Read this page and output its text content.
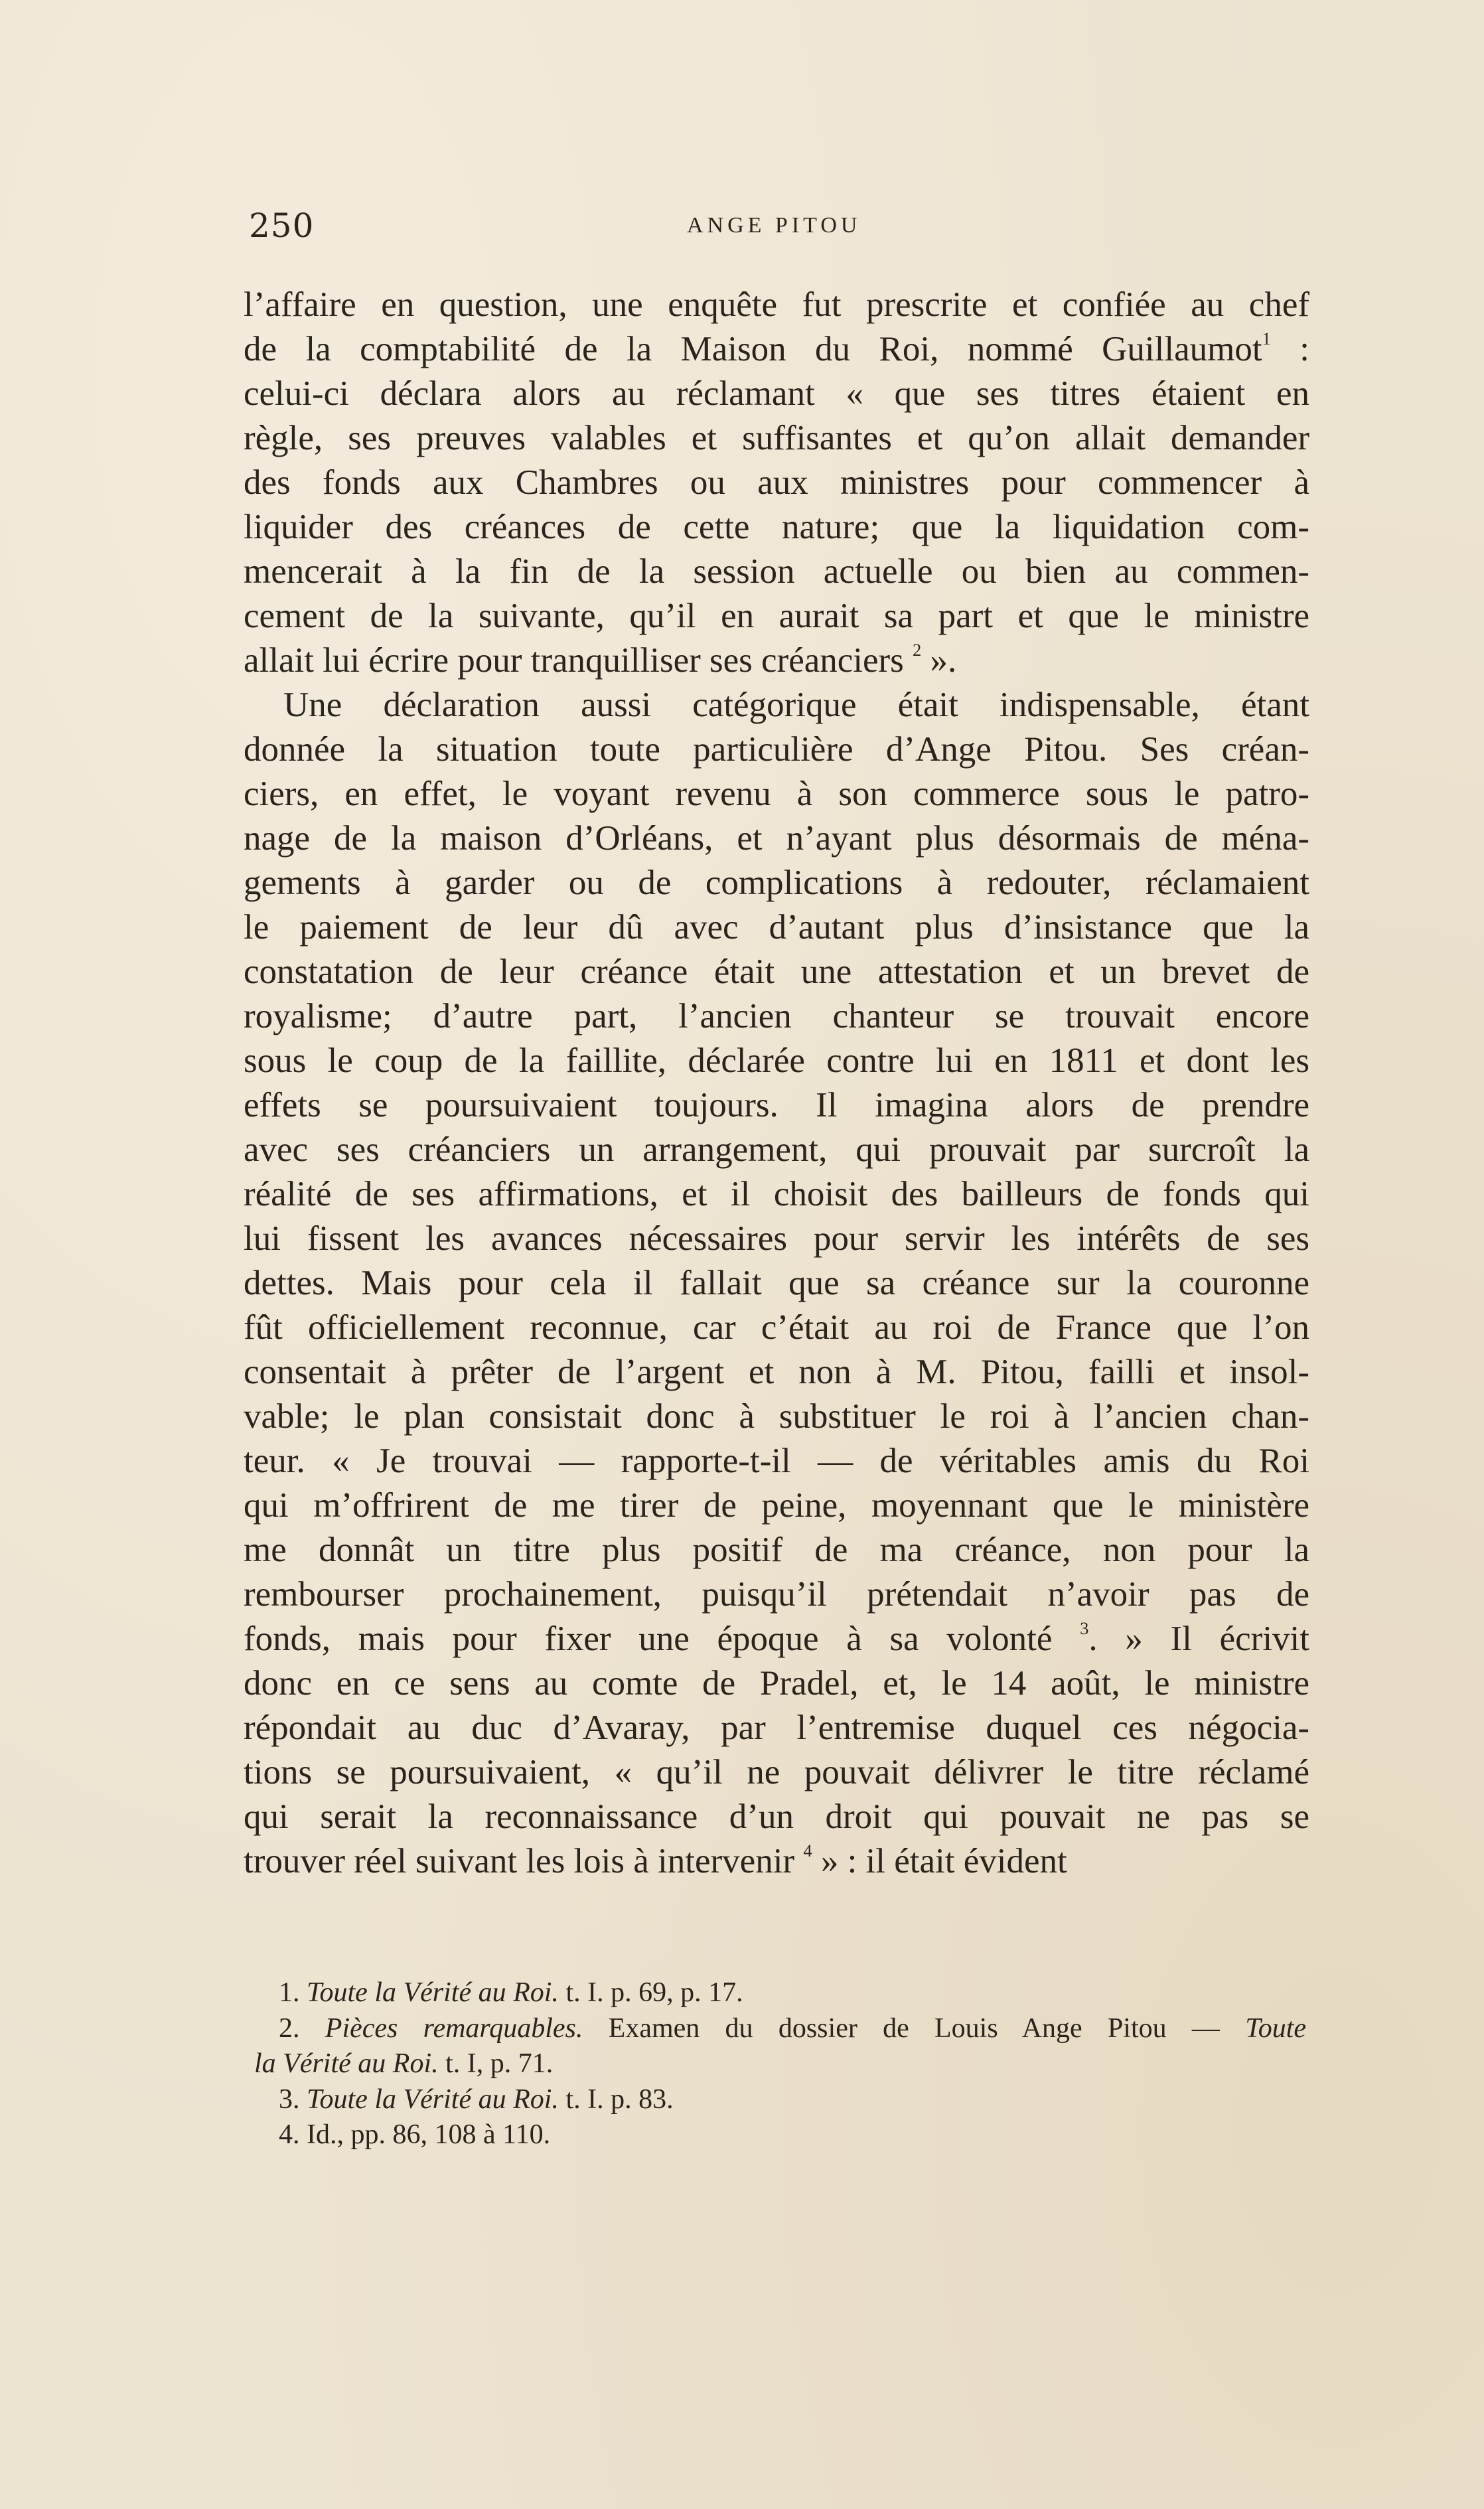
250	ANGE PITOU
l’affaire en question, une enquête fut prescrite et confiée au chef
de la comptabilité de la Maison du Roi, nommé Guillaumot$^1$ :
celui-ci déclara alors au réclamant « que ses titres étaient en
règle, ses preuves valables et suffisantes et qu’on allait demander
des fonds aux Chambres ou aux ministres pour commencer à
liquider des créances de cette nature; que la liquidation com-
mencerait à la fin de la session actuelle ou bien au commen-
cement de la suivante, qu’il en aurait sa part et que le ministre
allait lui écrire pour tranquilliser ses créanciers $^2$ ».
Une déclaration aussi catégorique était indispensable, étant
donnée la situation toute particulière d’Ange Pitou. Ses créan-
ciers, en effet, le voyant revenu à son commerce sous le patro-
nage de la maison d’Orléans, et n’ayant plus désormais de ména-
gements à garder ou de complications à redouter, réclamaient
le paiement de leur dû avec d’autant plus d’insistance que la
constatation de leur créance était une attestation et un brevet de
royalisme; d’autre part, l’ancien chanteur se trouvait encore
sous le coup de la faillite, déclarée contre lui en 1811 et dont les
effets se poursuivaient toujours. Il imagina alors de prendre
avec ses créanciers un arrangement, qui prouvait par surcroît la
réalité de ses affirmations, et il choisit des bailleurs de fonds qui
lui fissent les avances nécessaires pour servir les intérêts de ses
dettes. Mais pour cela il fallait que sa créance sur la couronne
fût officiellement reconnue, car c’était au roi de France que l’on
consentait à prêter de l’argent et non à M. Pitou, failli et insol-
vable; le plan consistait donc à substituer le roi à l’ancien chan-
teur. « Je trouvai — rapporte-t-il — de véritables amis du Roi
qui m’offrirent de me tirer de peine, moyennant que le ministère
me donnât un titre plus positif de ma créance, non pour la
rembourser prochainement, puisqu’il prétendait n’avoir pas de
fonds, mais pour fixer une époque à sa volonté $^3$. » Il écrivit
donc en ce sens au comte de Pradel, et, le 14 août, le ministre
répondait au duc d’Avaray, par l’entremise duquel ces négocia-
tions se poursuivaient, « qu’il ne pouvait délivrer le titre réclamé
qui serait la reconnaissance d’un droit qui pouvait ne pas se
trouver réel suivant les lois à intervenir $^4$ » : il était évident
1. Toute la Vérité au Roi. t. I. p. 69, p. 17.
2. Pièces remarquables. Examen du dossier de Louis Ange Pitou — Toute
la Vérité au Roi. t. I, p. 71.
3. Toute la Vérité au Roi. t. I. p. 83.
4. Id., pp. 86, 108 à 110.
